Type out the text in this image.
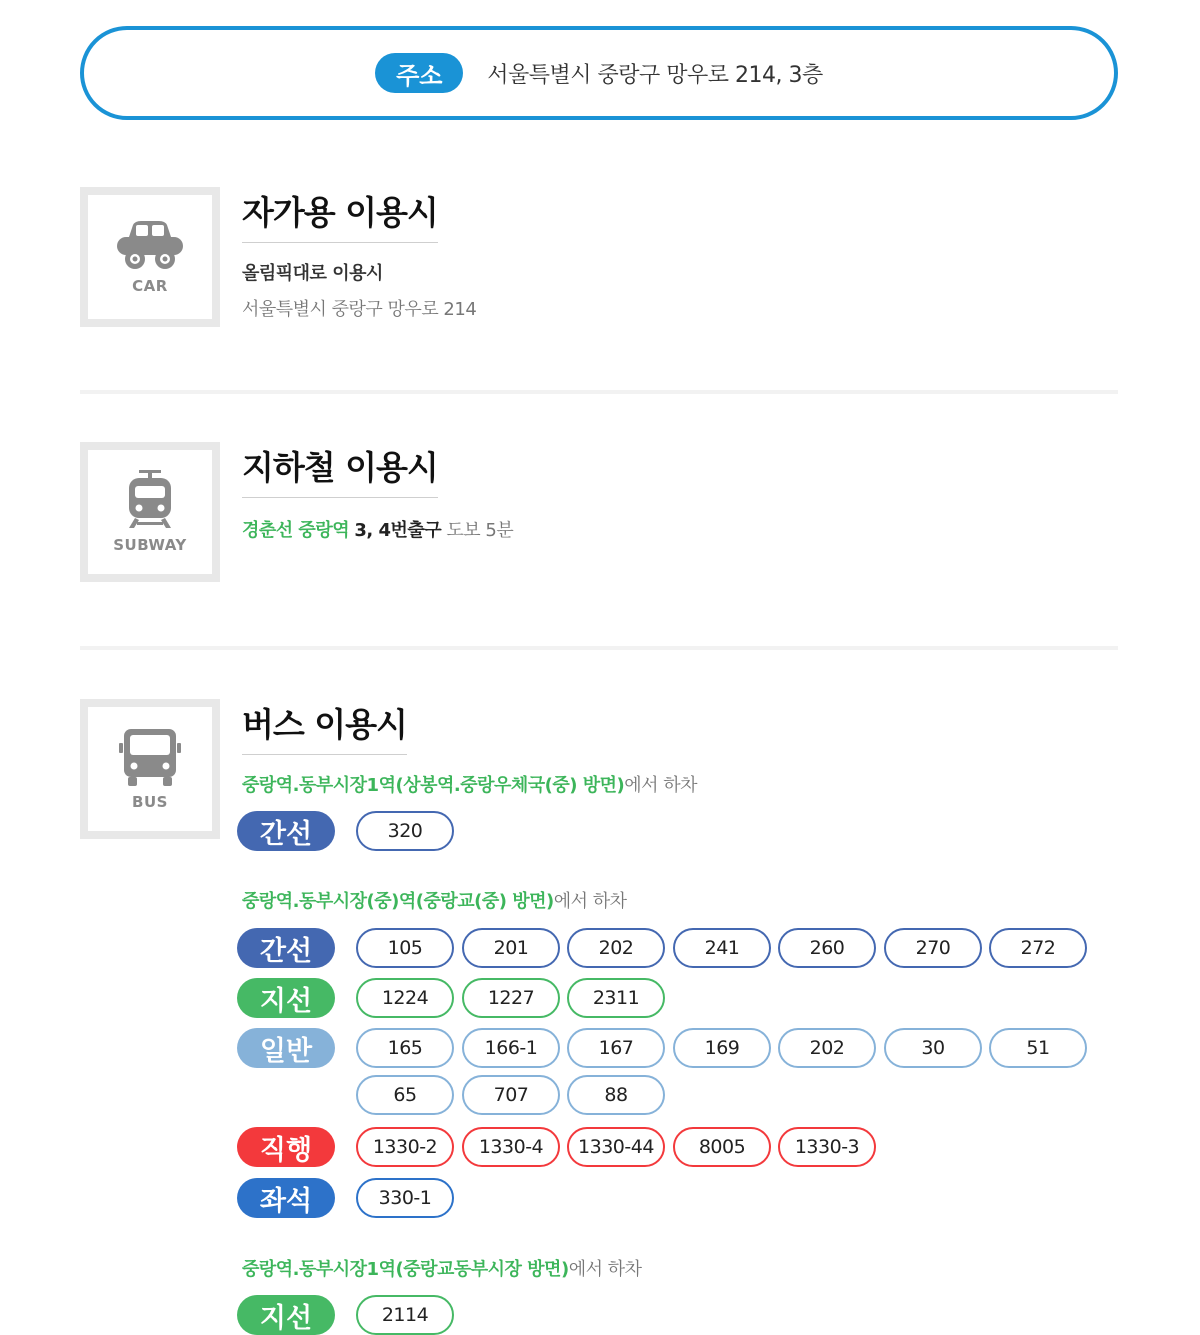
주소	서울특별시 중랑구 망우로 214, 3층
CAR
자가용 이용시
올림픽대로 이용시
서울특별시 중랑구 망우로 214
SUBWAY
지하철 이용시
경춘선 중랑역 3, 4번출구 도보 5분
BUS
버스 이용시
중랑역.동부시장1역(상봉역.중랑우체국(중) 방면)에서 하차
간선	320
중랑역.동부시장(중)역(중랑교(중) 방면)에서 하차
간선	105	201	202	241	260	270	272
지선	1224	1227	2311
일반	165	166-1	167	169	202	30	51
65	707	88
직행	1330-2	1330-4	1330-44	8005	1330-3
좌석	330-1
중랑역.동부시장1역(중랑교동부시장 방면)에서 하차
지선	2114
